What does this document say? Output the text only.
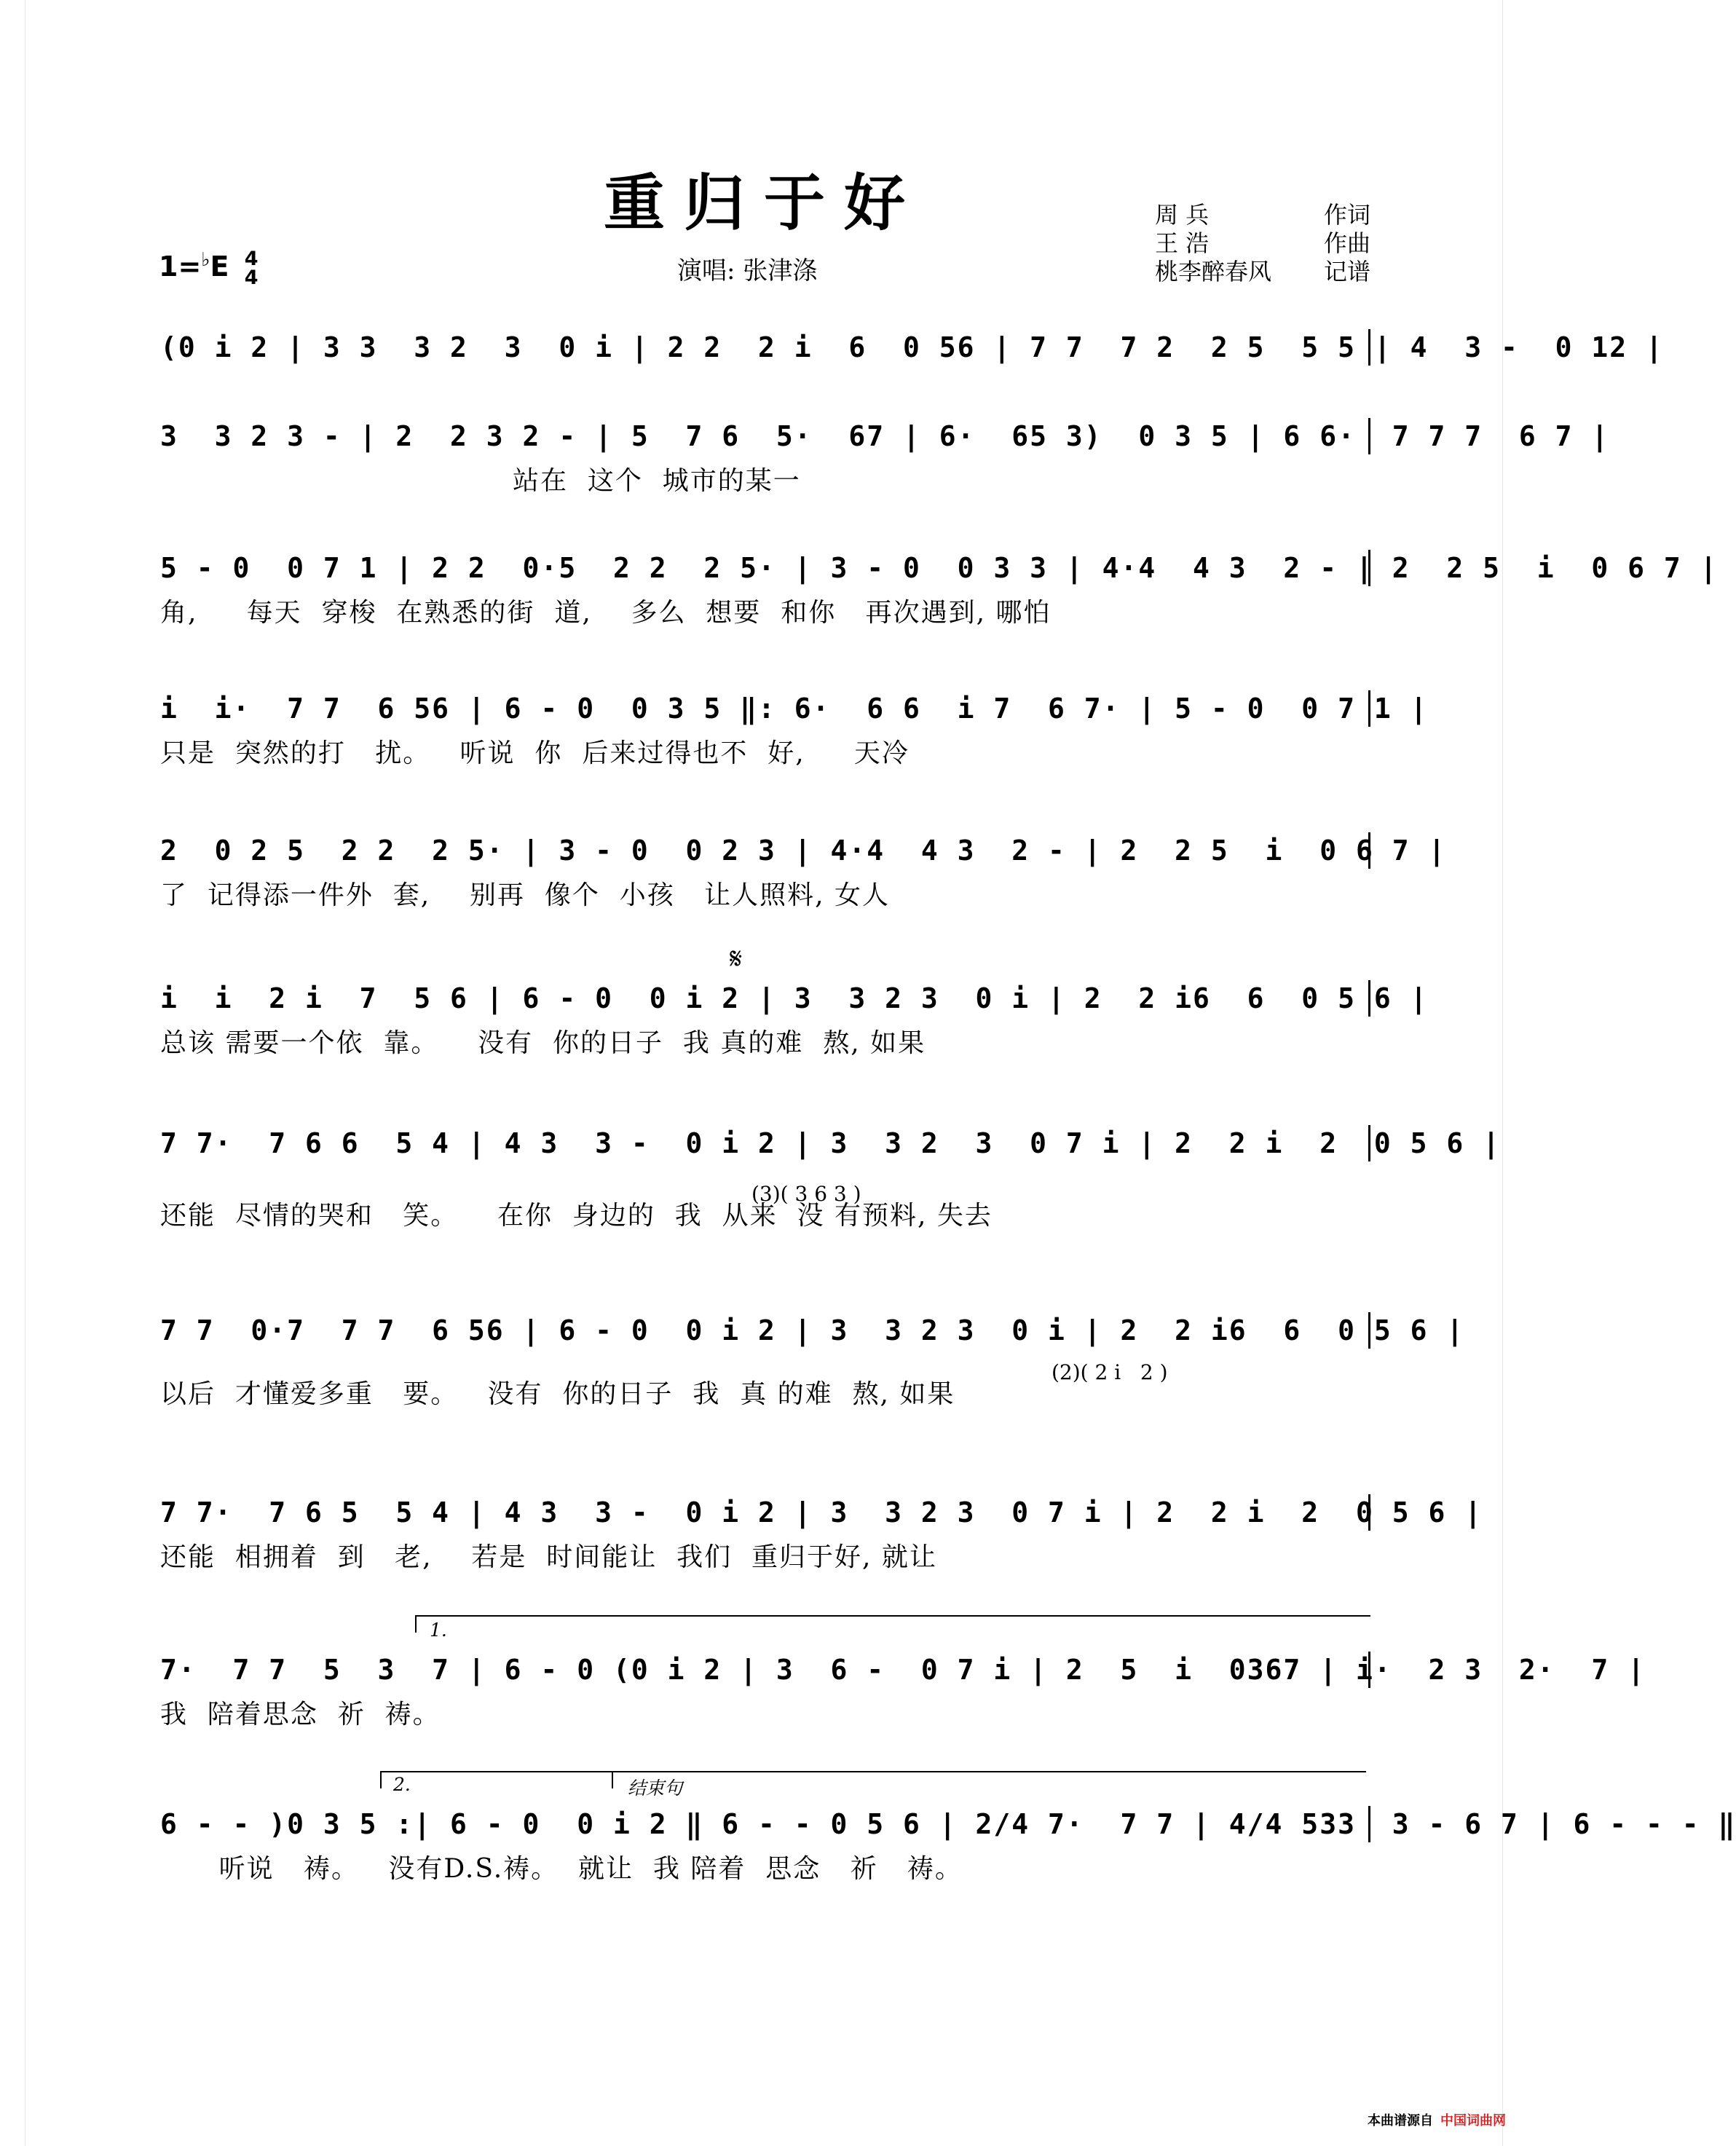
重归于好
1=♭E 4
4	演唱: 张津涤
周 兵	作词
王 浩	作曲
桃李醉春风 记谱
(0 i 2 | 3 3  3 2  3  0 i | 2 2  2 i  6  0 56 | 7 7  7 2  2 5  5 5 | 4  3 -  0 12 |
3  3 2 3 - | 2  2 3 2 - | 5  7 6  5·  67 | 6·  65 3)  0 3 5 | 6 6·  7 7 7  6 7 |
站在  这个  城市的某一
5 - 0  0 7 1 | 2 2  0·5  2 2  2 5· | 3 - 0  0 3 3 | 4·4  4 3  2 - | 2  2 5  i  0 6 7 |
角,     每天  穿梭  在熟悉的街  道,    多么  想要  和你   再次遇到, 哪怕
i  i·  7 7  6 56 | 6 - 0  0 3 5 ‖: 6·  6 6  i 7  6 7· | 5 - 0  0 7 1 |
只是  突然的打   扰。   听说  你  后来过得也不  好,     天冷
2  0 2 5  2 2  2 5· | 3 - 0  0 2 3 | 4·4  4 3  2 - | 2  2 5  i  0 6 7 |
了  记得添一件外  套,    别再  像个  小孩   让人照料, 女人
𝄋
i  i  2 i  7  5 6 | 6 - 0  0 i 2 | 3  3 2 3  0 i | 2  2 i6  6  0 5 6 |
总该 需要一个依  靠。    没有  你的日子  我 真的难  熬, 如果
7 7·  7 6 6  5 4 | 4 3  3 -  0 i 2 | 3  3 2  3  0 7 i | 2  2 i  2  0 5 6 |
还能  尽情的哭和   笑。    在你  身边的  我  从来  没 有预料, 失去
(3)( 3 6 3 )
7 7  0·7  7 7  6 56 | 6 - 0  0 i 2 | 3  3 2 3  0 i | 2  2 i6  6  0 5 6 |
以后  才懂爱多重   要。   没有  你的日子  我  真 的难  熬, 如果
(2)( 2 i   2 )
7 7·  7 6 5  5 4 | 4 3  3 -  0 i 2 | 3  3 2 3  0 7 i | 2  2 i  2  0 5 6 |
还能  相拥着  到   老,    若是  时间能让  我们  重归于好, 就让
1.
7·  7 7  5  3  7 | 6 - 0 (0 i 2 | 3  6 -  0 7 i | 2  5  i  0367 | i·  2 3  2·  7 |
我  陪着思念  祈  祷。
2.	结束句
6 - - )0 3 5 :| 6 - 0  0 i 2 ‖ 6 - - 0 5 6 | 2/4 7·  7 7 | 4/4 533  3 - 6 7 | 6 - - - ‖
听说   祷。   没有D.S.祷。  就让  我 陪着  思念   祈   祷。
本曲谱源自 中国词曲网
